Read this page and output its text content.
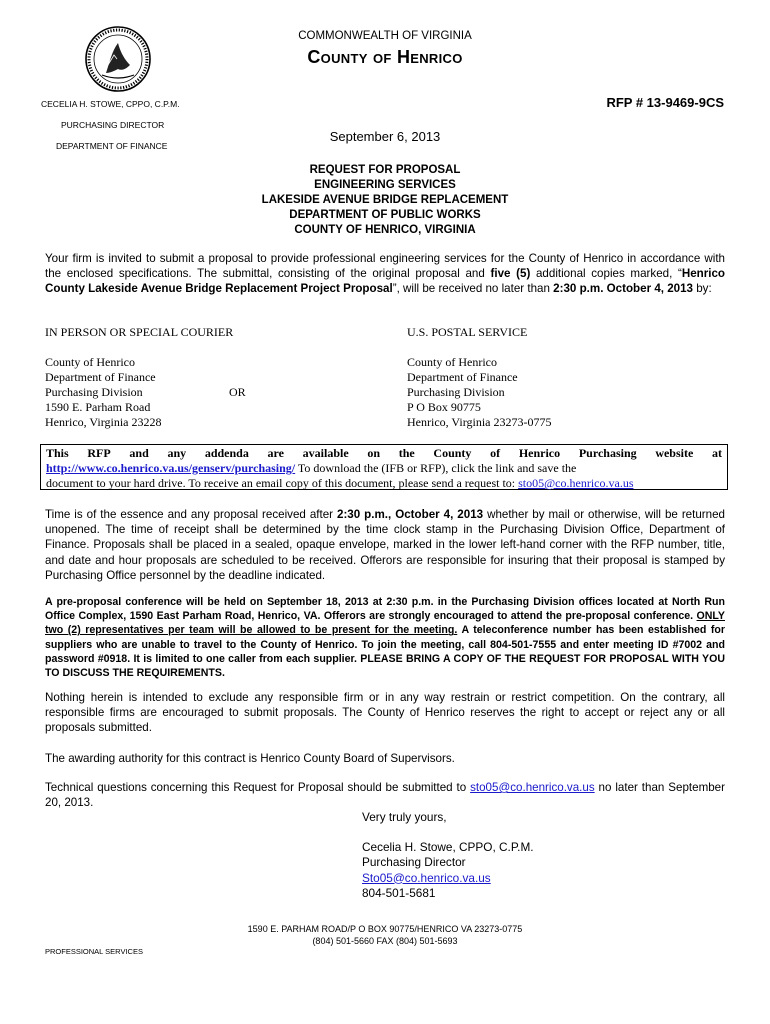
COMMONWEALTH OF VIRGINIA
COUNTY OF HENRICO
CECELIA H. STOWE, CPPO, C.P.M.
PURCHASING DIRECTOR
DEPARTMENT OF FINANCE
RFP # 13-9469-9CS
September 6, 2013
REQUEST FOR PROPOSAL
ENGINEERING SERVICES
LAKESIDE AVENUE BRIDGE REPLACEMENT
DEPARTMENT OF PUBLIC WORKS
COUNTY OF HENRICO, VIRGINIA
Your firm is invited to submit a proposal to provide professional engineering services for the County of Henrico in accordance with the enclosed specifications. The submittal, consisting of the original proposal and five (5) additional copies marked, “Henrico County Lakeside Avenue Bridge Replacement Project Proposal”, will be received no later than 2:30 p.m. October 4, 2013 by:
IN PERSON OR SPECIAL COURIER	U.S. POSTAL SERVICE
County of Henrico
Department of Finance
Purchasing Division
1590 E. Parham Road
Henrico, Virginia 23228
OR
County of Henrico
Department of Finance
Purchasing Division
P O Box 90775
Henrico, Virginia 23273-0775
This RFP and any addenda are available on the County of Henrico Purchasing website at
http://www.co.henrico.va.us/genserv/purchasing/ To download the (IFB or RFP), click the link and save the
document to your hard drive. To receive an email copy of this document, please send a request to: sto05@co.henrico.va.us
Time is of the essence and any proposal received after 2:30 p.m., October 4, 2013 whether by mail or otherwise, will be returned unopened. The time of receipt shall be determined by the time clock stamp in the Purchasing Division Office, Department of Finance. Proposals shall be placed in a sealed, opaque envelope, marked in the lower left-hand corner with the RFP number, title, and date and hour proposals are scheduled to be received. Offerors are responsible for insuring that their proposal is stamped by Purchasing Office personnel by the deadline indicated.
A pre-proposal conference will be held on September 18, 2013 at 2:30 p.m. in the Purchasing Division offices located at North Run Office Complex, 1590 East Parham Road, Henrico, VA. Offerors are strongly encouraged to attend the pre-proposal conference. ONLY two (2) representatives per team will be allowed to be present for the meeting. A teleconference number has been established for suppliers who are unable to travel to the County of Henrico. To join the meeting, call 804-501-7555 and enter meeting ID #7002 and password #0918. It is limited to one caller from each supplier. PLEASE BRING A COPY OF THE REQUEST FOR PROPOSAL WITH YOU TO DISCUSS THE REQUIREMENTS.
Nothing herein is intended to exclude any responsible firm or in any way restrain or restrict competition. On the contrary, all responsible firms are encouraged to submit proposals. The County of Henrico reserves the right to accept or reject any or all proposals submitted.
The awarding authority for this contract is Henrico County Board of Supervisors.
Technical questions concerning this Request for Proposal should be submitted to sto05@co.henrico.va.us no later than September 20, 2013.
Very truly yours,
Cecelia H. Stowe, CPPO, C.P.M.
Purchasing Director
Sto05@co.henrico.va.us
804-501-5681
1590 E. PARHAM ROAD/P O BOX 90775/HENRICO VA 23273-0775
(804) 501-5660 FAX (804) 501-5693
PROFESSIONAL SERVICES
